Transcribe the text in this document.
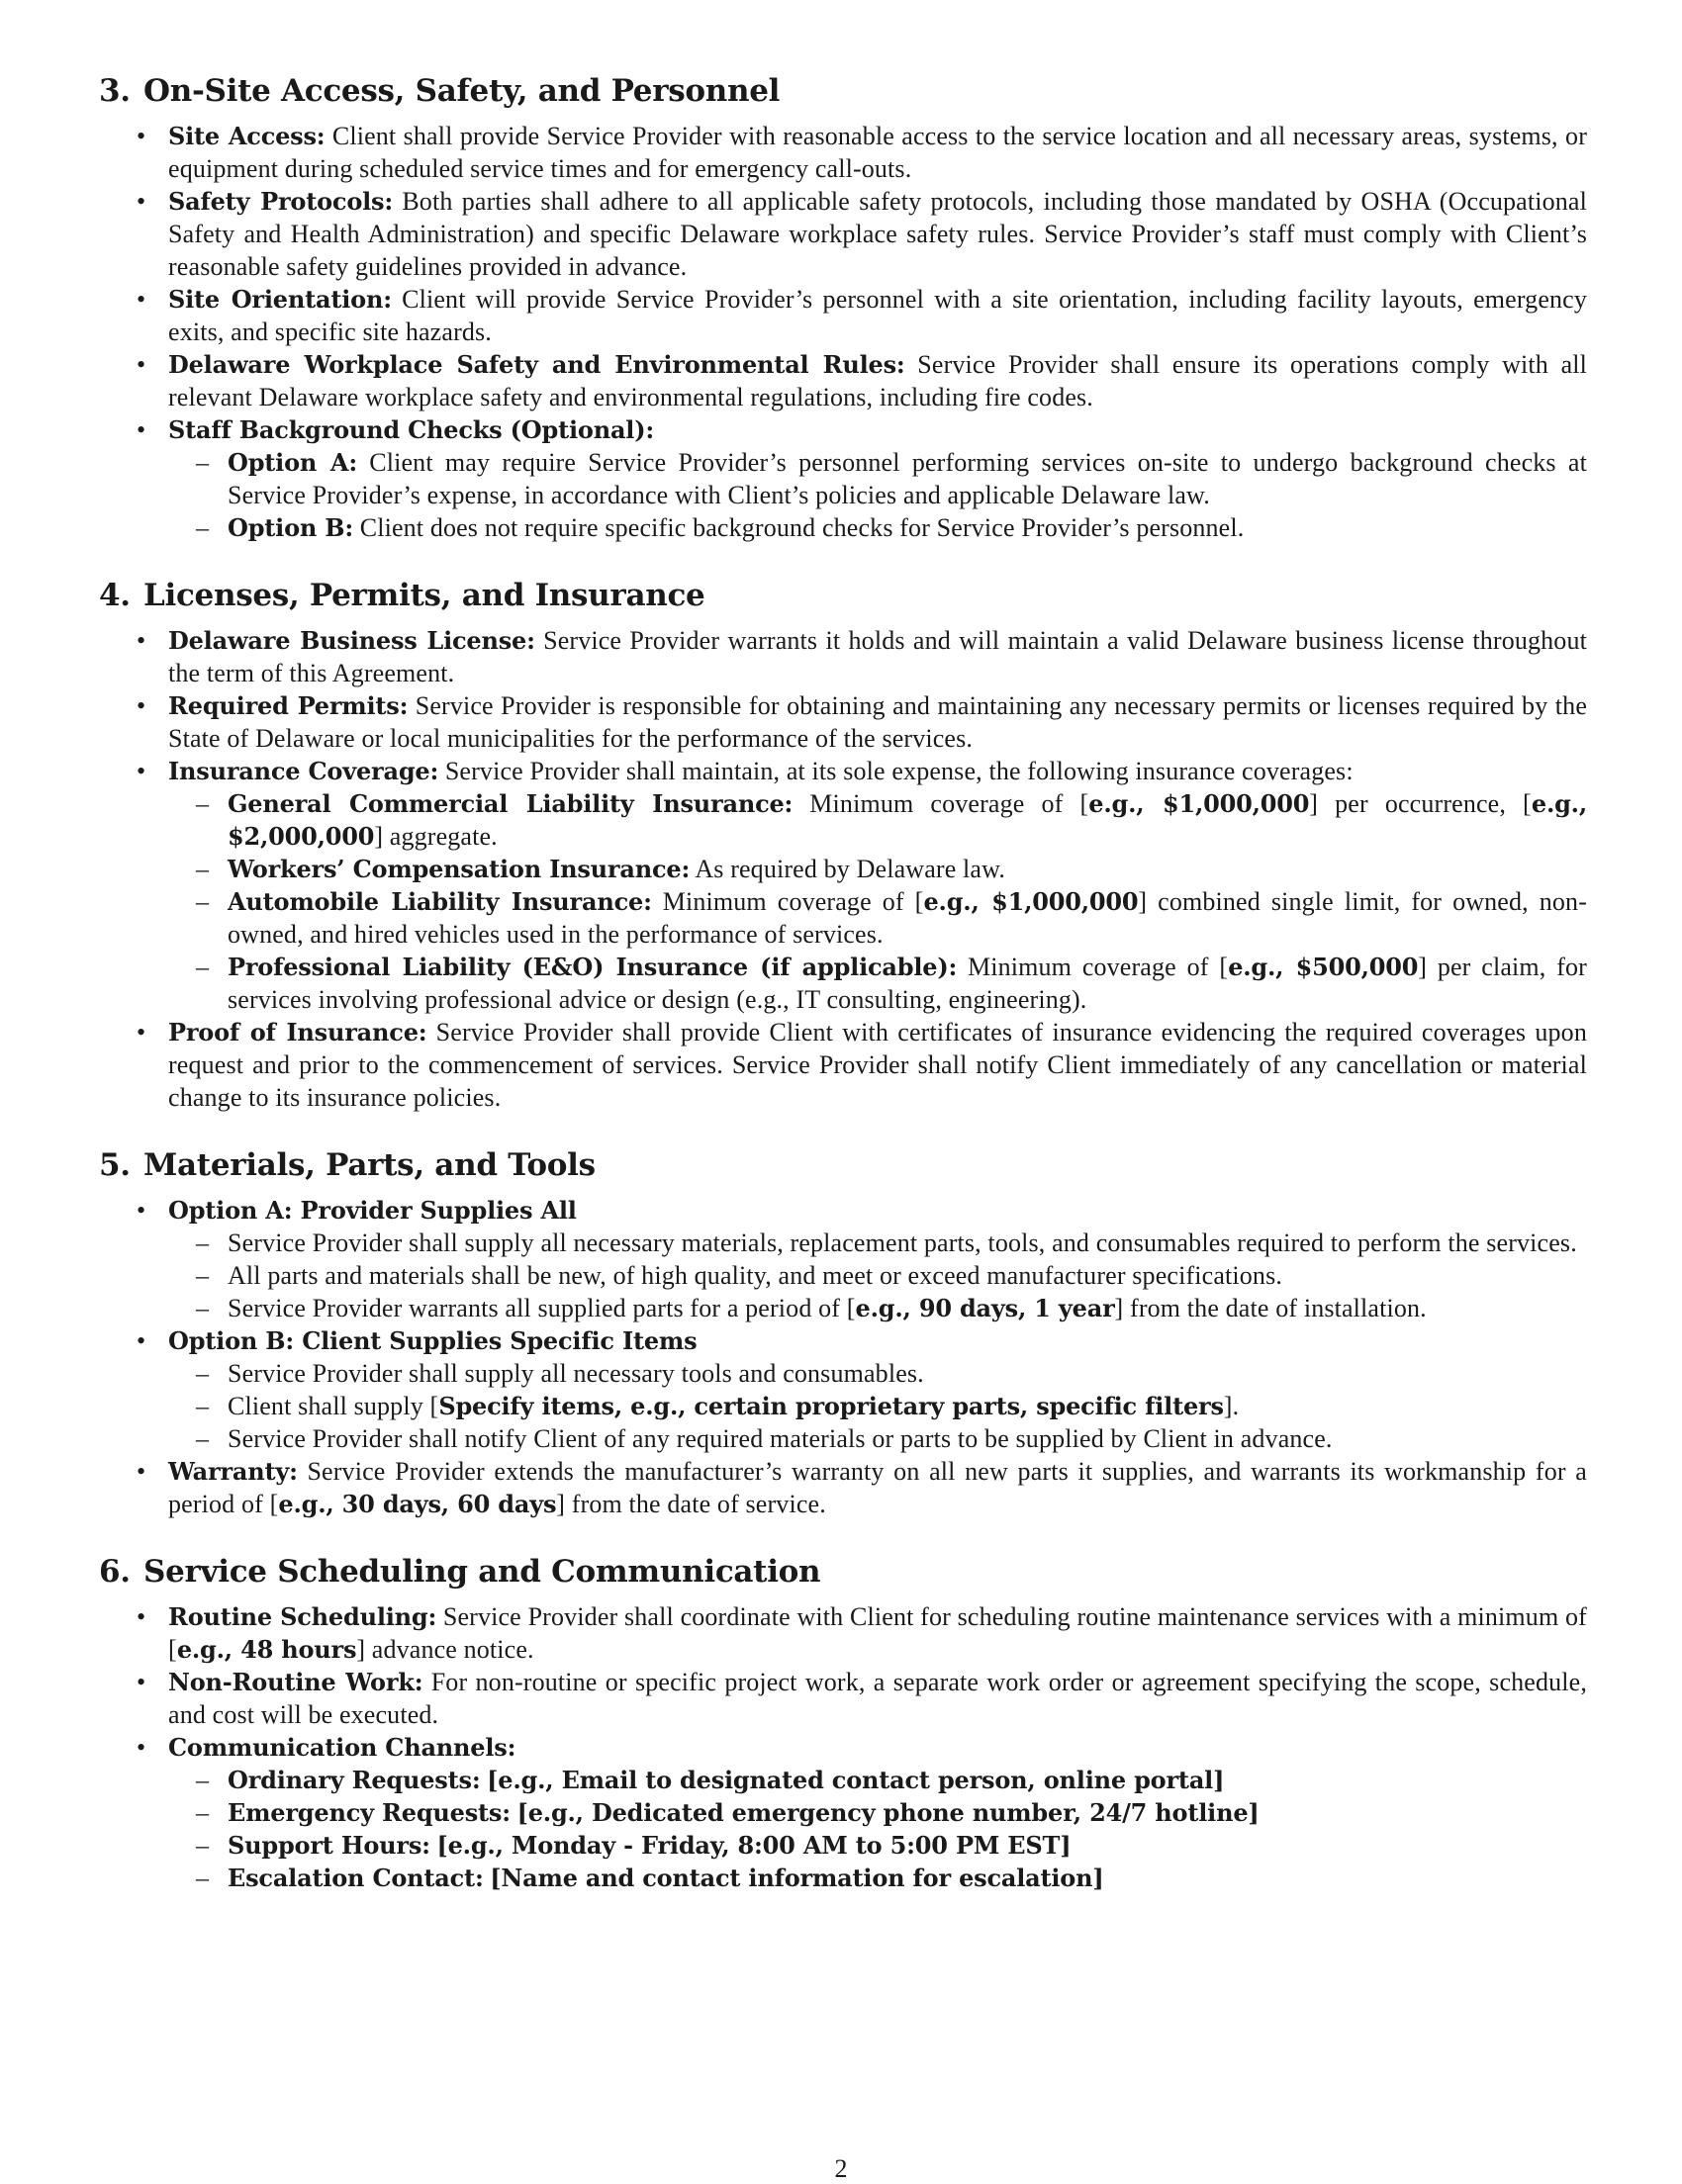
3. On-Site Access, Safety, and Personnel
• Site Access: Client shall provide Service Provider with reasonable access to the service location and all necessary areas, systems, or equipment during scheduled service times and for emergency call-outs.
• Safety Protocols: Both parties shall adhere to all applicable safety protocols, including those mandated by OSHA (Occupational Safety and Health Administration) and specific Delaware workplace safety rules. Service Provider’s staff must comply with Client’s reasonable safety guidelines provided in advance.
• Site Orientation: Client will provide Service Provider’s personnel with a site orientation, including facility layouts, emergency exits, and specific site hazards.
• Delaware Workplace Safety and Environmental Rules: Service Provider shall ensure its operations comply with all relevant Delaware workplace safety and environmental regulations, including fire codes.
• Staff Background Checks (Optional):
– Option A: Client may require Service Provider’s personnel performing services on-site to undergo background checks at Service Provider’s expense, in accordance with Client’s policies and applicable Delaware law.
– Option B: Client does not require specific background checks for Service Provider’s personnel.
4. Licenses, Permits, and Insurance
• Delaware Business License: Service Provider warrants it holds and will maintain a valid Delaware business license throughout the term of this Agreement.
• Required Permits: Service Provider is responsible for obtaining and maintaining any necessary permits or licenses required by the State of Delaware or local municipalities for the performance of the services.
• Insurance Coverage: Service Provider shall maintain, at its sole expense, the following insurance coverages:
– General Commercial Liability Insurance: Minimum coverage of [e.g., $1,000,000] per occurrence, [e.g., $2,000,000] aggregate.
– Workers’ Compensation Insurance: As required by Delaware law.
– Automobile Liability Insurance: Minimum coverage of [e.g., $1,000,000] combined single limit, for owned, non-owned, and hired vehicles used in the performance of services.
– Professional Liability (E&O) Insurance (if applicable): Minimum coverage of [e.g., $500,000] per claim, for services involving professional advice or design (e.g., IT consulting, engineering).
• Proof of Insurance: Service Provider shall provide Client with certificates of insurance evidencing the required coverages upon request and prior to the commencement of services. Service Provider shall notify Client immediately of any cancellation or material change to its insurance policies.
5. Materials, Parts, and Tools
• Option A: Provider Supplies All
– Service Provider shall supply all necessary materials, replacement parts, tools, and consumables required to perform the services.
– All parts and materials shall be new, of high quality, and meet or exceed manufacturer specifications.
– Service Provider warrants all supplied parts for a period of [e.g., 90 days, 1 year] from the date of installation.
• Option B: Client Supplies Specific Items
– Service Provider shall supply all necessary tools and consumables.
– Client shall supply [Specify items, e.g., certain proprietary parts, specific filters].
– Service Provider shall notify Client of any required materials or parts to be supplied by Client in advance.
• Warranty: Service Provider extends the manufacturer’s warranty on all new parts it supplies, and warrants its workmanship for a period of [e.g., 30 days, 60 days] from the date of service.
6. Service Scheduling and Communication
• Routine Scheduling: Service Provider shall coordinate with Client for scheduling routine maintenance services with a minimum of [e.g., 48 hours] advance notice.
• Non-Routine Work: For non-routine or specific project work, a separate work order or agreement specifying the scope, schedule, and cost will be executed.
• Communication Channels:
– Ordinary Requests: [e.g., Email to designated contact person, online portal]
– Emergency Requests: [e.g., Dedicated emergency phone number, 24/7 hotline]
– Support Hours: [e.g., Monday - Friday, 8:00 AM to 5:00 PM EST]
– Escalation Contact: [Name and contact information for escalation]
2
